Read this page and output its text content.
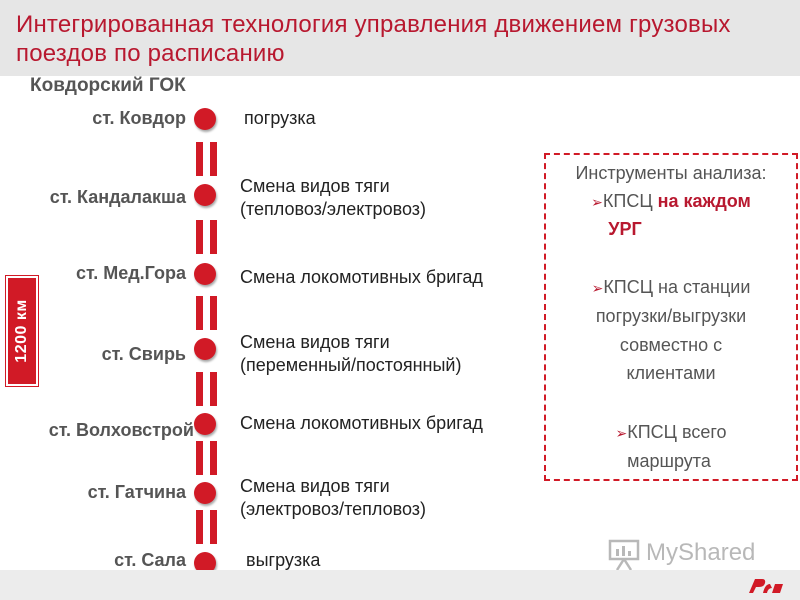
Интегрированная технология управления движением грузовых поездов по расписанию
Ковдорский ГОК
ст. Ковдор
ст. Кандалакша
ст. Мед.Гора
ст. Свирь
ст. Волховстрой
ст. Гатчина
ст. Сала
погрузка
Смена видов тяги
(тепловоз/электровоз)
Смена локомотивных бригад
Смена видов тяги
(переменный/постоянный)
Смена локомотивных бригад
Смена видов тяги
(электровоз/тепловоз)
выгрузка
1200 км
Инструменты анализа:
➢КПСЦ на каждом
УРГ
➢КПСЦ на станции
погрузки/выгрузки
совместно с
клиентами
➢КПСЦ всего
маршрута
MyShared
